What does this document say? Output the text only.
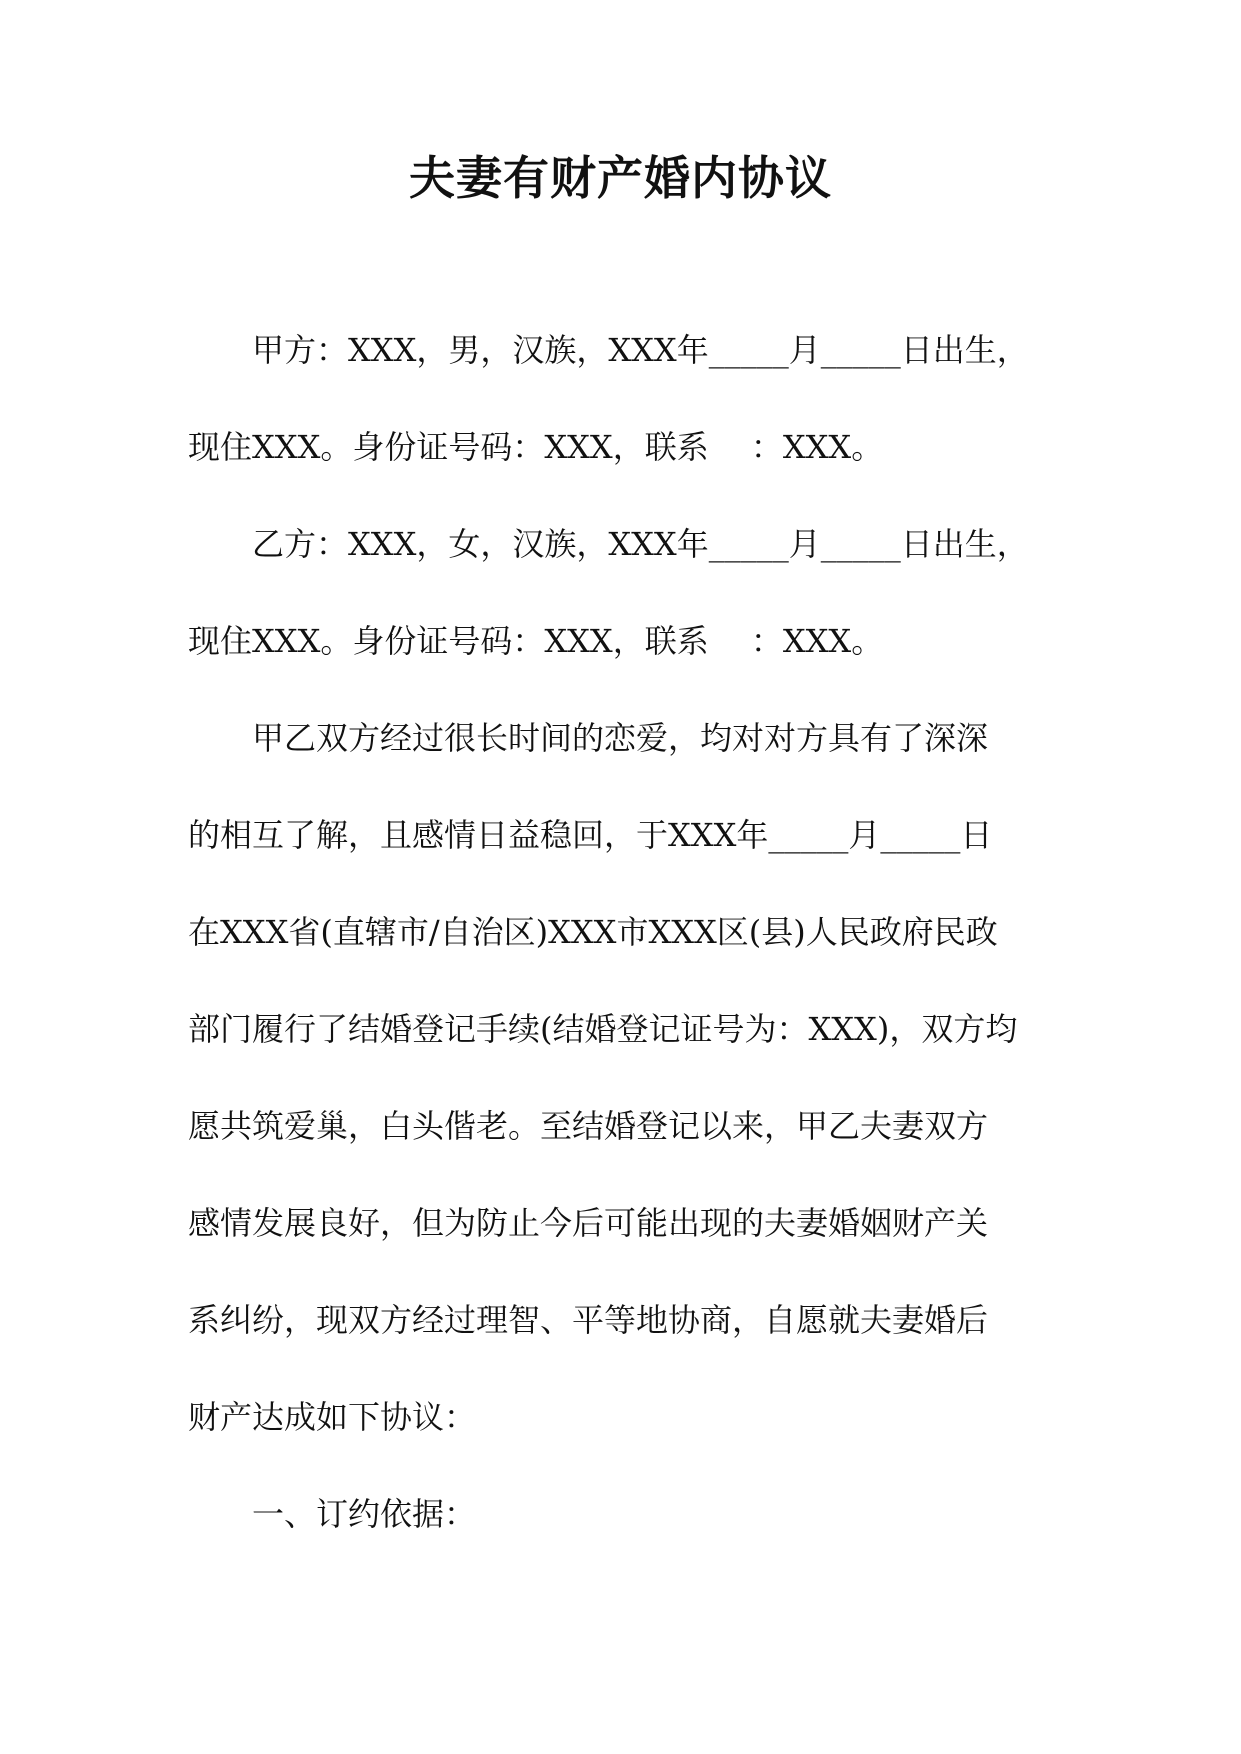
夫妻有财产婚内协议
甲方：XXX，男，汉族，XXX年_____月_____日出生，
现住XXX。身份证号码：XXX，联系　 ：XXX。
乙方：XXX，女，汉族，XXX年_____月_____日出生，
现住XXX。身份证号码：XXX，联系　 ：XXX。
甲乙双方经过很长时间的恋爱，均对对方具有了深深
的相互了解，且感情日益稳回，于XXX年_____月_____日
在XXX省(直辖市/自治区)XXX市XXX区(县)人民政府民政
部门履行了结婚登记手续(结婚登记证号为：XXX)，双方均
愿共筑爱巢，白头偕老。至结婚登记以来，甲乙夫妻双方
感情发展良好，但为防止今后可能出现的夫妻婚姻财产关
系纠纷，现双方经过理智、平等地协商，自愿就夫妻婚后
财产达成如下协议：
一、订约依据：
